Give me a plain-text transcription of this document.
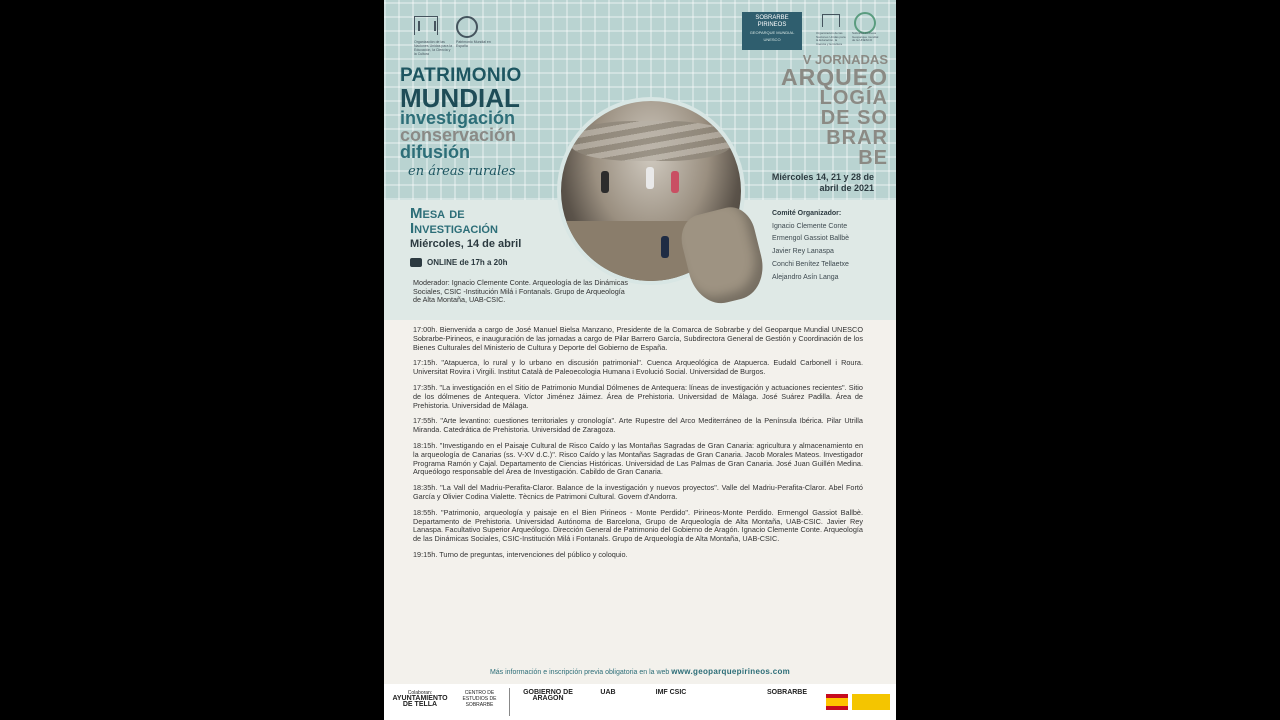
Organización de las Naciones Unidas para la Educación, la Ciencia y la Cultura
Patrimonio Mundial en España
PATRIMONIO
MUNDIAL
investigación
conservación
difusión
en áreas rurales
SOBRARBE PIRINEOS
GEOPARQUE MUNDIAL UNESCO
Organización de las Naciones Unidas para la Educación, la Ciencia y la Cultura
Sobrarbe-Pirineos Geoparque mundial de la UNESCO
V JORNADAS
ARQUEO
LOGÍA
DE SO
BRAR
BE
Miércoles 14, 21 y 28 de abril de 2021
Mesa de
Investigación
Miércoles, 14 de abril
ONLINE de 17h a 20h
Comité Organizador:
Ignacio Clemente Conte
Ermengol Gassiot Ballbè
Javier Rey Lanaspa
Conchi Benítez Tellaetxe
Alejandro Asín Langa
Moderador: Ignacio Clemente Conte. Arqueología de las Dinámicas Sociales, CSIC -Institución Milá i Fontanals. Grupo de Arqueología de Alta Montaña, UAB-CSIC.
17:00h. Bienvenida a cargo de José Manuel Bielsa Manzano, Presidente de la Comarca de Sobrarbe y del Geoparque Mundial UNESCO Sobrarbe-Pirineos, e inauguración de las jornadas a cargo de Pilar Barrero García, Subdirectora General de Gestión y Coordinación de los Bienes Culturales del Ministerio de Cultura y Deporte del Gobierno de España.
17:15h. "Atapuerca, lo rural y lo urbano en discusión patrimonial". Cuenca Arqueológica de Atapuerca. Eudald Carbonell i Roura. Universitat Rovira i Virgili. Institut Català de Paleoecologia Humana i Evolució Social. Universidad de Burgos.
17:35h. "La investigación en el Sitio de Patrimonio Mundial Dólmenes de Antequera: líneas de investigación y actuaciones recientes". Sitio de los dólmenes de Antequera. Víctor Jiménez Jáimez. Área de Prehistoria. Universidad de Málaga. José Suárez Padilla. Área de Prehistoria. Universidad de Málaga.
17:55h. "Arte levantino: cuestiones territoriales y cronología". Arte Rupestre del Arco Mediterráneo de la Península Ibérica. Pilar Utrilla Miranda. Catedrática de Prehistoria. Universidad de Zaragoza.
18:15h. "Investigando en el Paisaje Cultural de Risco Caído y las Montañas Sagradas de Gran Canaria: agricultura y almacenamiento en la arqueología de Canarias (ss. V-XV d.C.)". Risco Caído y las Montañas Sagradas de Gran Canaria. Jacob Morales Mateos. Investigador Programa Ramón y Cajal. Departamento de Ciencias Históricas. Universidad de Las Palmas de Gran Canaria. José Juan Guillén Medina. Arqueólogo responsable del Área de Investigación. Cabildo de Gran Canaria.
18:35h. "La Vall del Madriu-Perafita-Claror. Balance de la investigación y nuevos proyectos". Valle del Madriu-Perafita-Claror. Abel Fortó García y Olivier Codina Vialette. Tècnics de Patrimoni Cultural. Govern d'Andorra.
18:55h. "Patrimonio, arqueología y paisaje en el Bien Pirineos - Monte Perdido". Pirineos-Monte Perdido. Ermengol Gassiot Ballbè. Departamento de Prehistoria. Universidad Autónoma de Barcelona, Grupo de Arqueología de Alta Montaña, UAB-CSIC. Javier Rey Lanaspa. Facultativo Superior Arqueólogo. Dirección General de Patrimonio del Gobierno de Aragón. Ignacio Clemente Conte. Arqueología de las Dinámicas Sociales, CSIC-Institución Milá i Fontanals. Grupo de Arqueología de Alta Montaña, UAB-CSIC.
19:15h. Turno de preguntas, intervenciones del público y coloquio.
Más información e inscripción previa obligatoria en la web www.geoparquepirineos.com
Colaboran:
AYUNTAMIENTO DE TELLA
CENTRO DE ESTUDIOS DE SOBRARBE
GOBIERNO DE ARAGON
UAB	IMF CSIC	SOBRARBE
